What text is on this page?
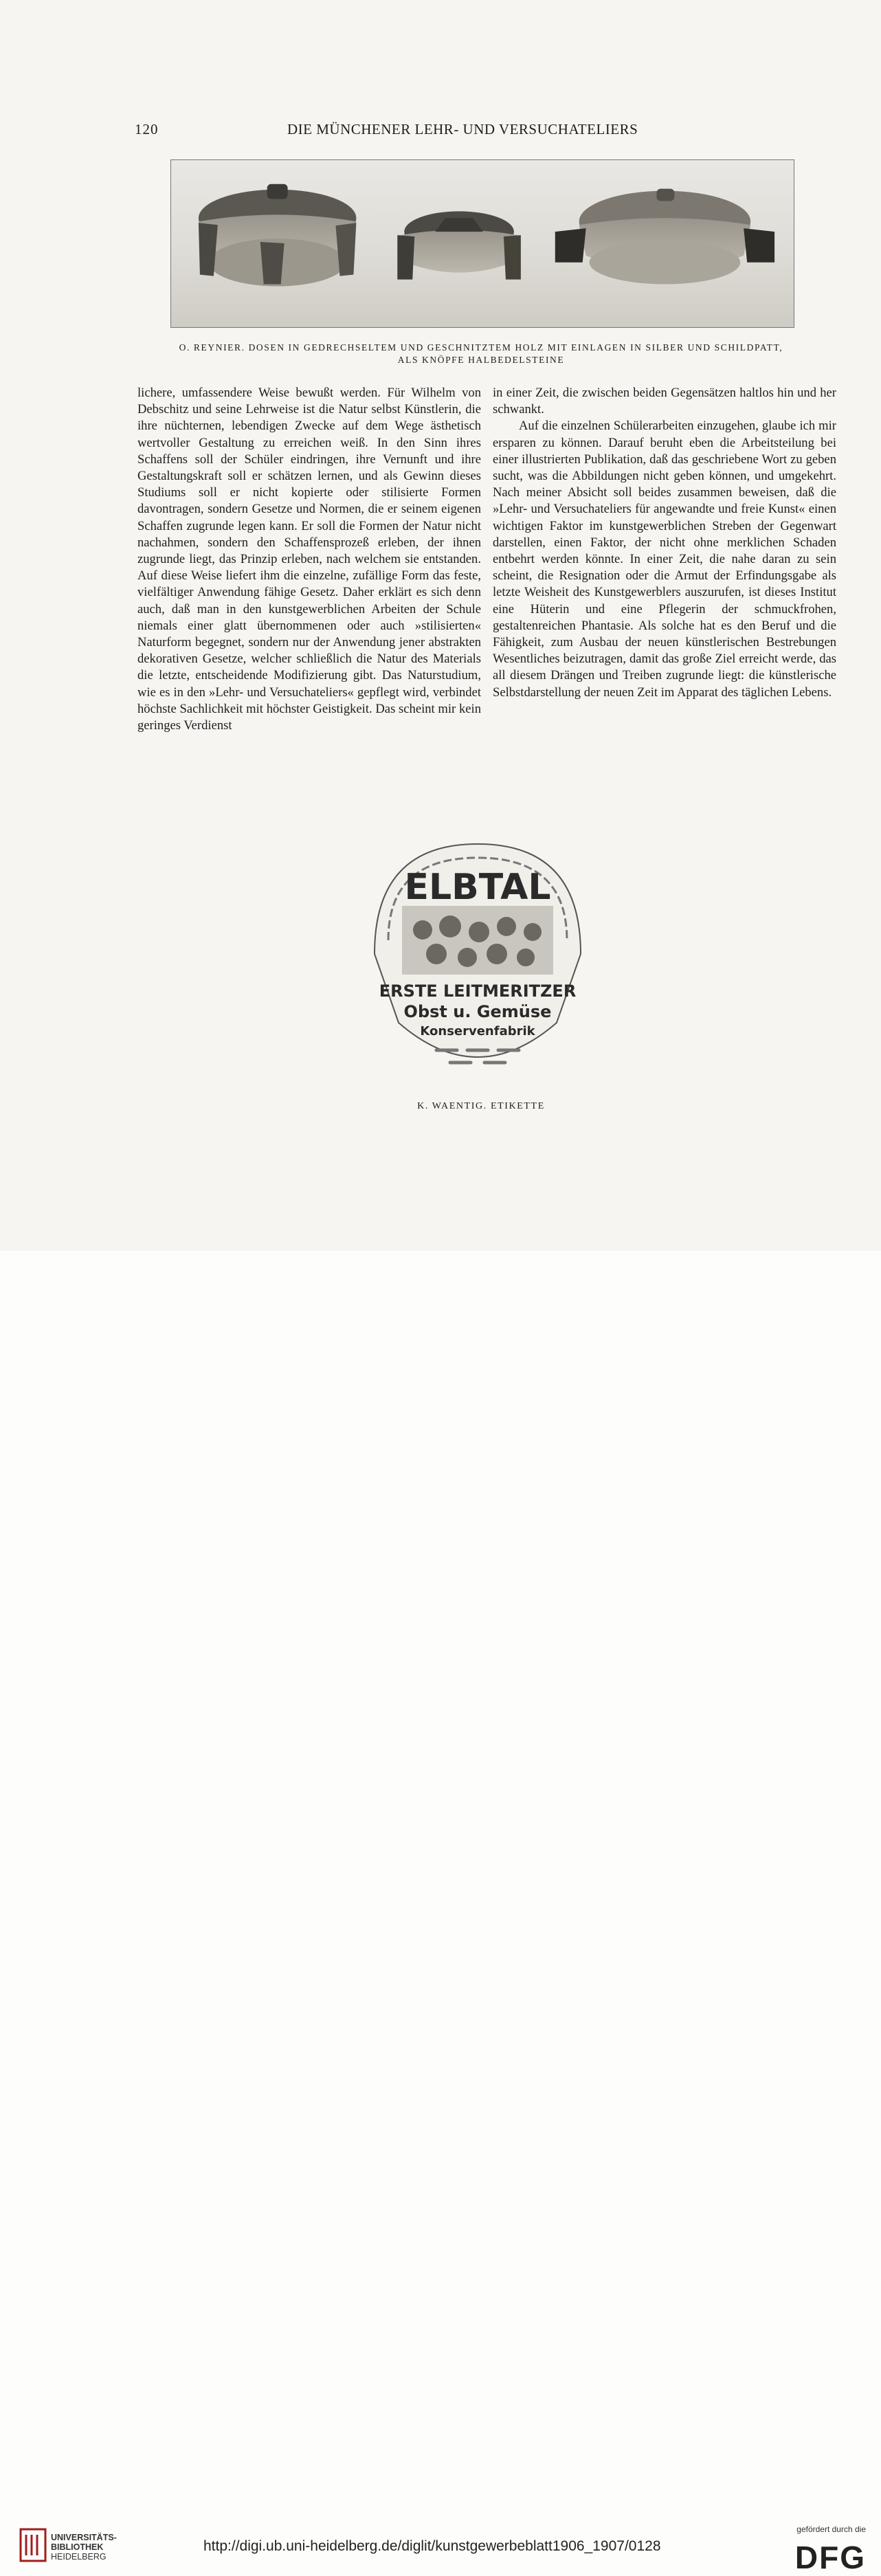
120	DIE MÜNCHENER LEHR- UND VERSUCHATELIERS
O. REYNIER. DOSEN IN GEDRECHSELTEM UND GESCHNITZTEM HOLZ MIT EINLAGEN IN SILBER UND SCHILDPATT,
ALS KNÖPFE HALBEDELSTEINE

lichere, umfassendere Weise bewußt werden. Für Wilhelm von Debschitz und seine Lehrweise ist die Natur selbst Künstlerin, die ihre nüchternen, lebendigen Zwecke auf dem Wege ästhetisch wertvoller Gestaltung zu erreichen weiß. In den Sinn ihres Schaffens soll der Schüler eindringen, ihre Vernunft und ihre Gestaltungskraft soll er schätzen lernen, und als Gewinn dieses Studiums soll er nicht kopierte oder stilisierte Formen davontragen, sondern Gesetze und Normen, die er seinem eigenen Schaffen zugrunde legen kann. Er soll die Formen der Natur nicht nachahmen, sondern den Schaffensprozeß erleben, der ihnen zugrunde liegt, das Prinzip erleben, nach welchem sie entstanden. Auf diese Weise liefert ihm die einzelne, zufällige Form das feste, vielfältiger Anwendung fähige Gesetz. Daher erklärt es sich denn auch, daß man in den kunstgewerblichen Arbeiten der Schule niemals einer glatt übernommenen oder auch »stilisierten« Naturform begegnet, sondern nur der Anwendung jener abstrakten dekorativen Gesetze, welcher schließlich die Natur des Materials die letzte, entscheidende Modifizierung gibt. Das Naturstudium, wie es in den »Lehr- und Versuchateliers« gepflegt wird, verbindet höchste Sachlichkeit mit höchster Geistigkeit. Das scheint mir kein geringes Verdienst

in einer Zeit, die zwischen beiden Gegensätzen haltlos hin und her schwankt.

Auf die einzelnen Schülerarbeiten einzugehen, glaube ich mir ersparen zu können. Darauf beruht eben die Arbeitsteilung bei einer illustrierten Publikation, daß das geschriebene Wort zu geben sucht, was die Abbildungen nicht geben können, und umgekehrt. Nach meiner Absicht soll beides zusammen beweisen, daß die »Lehr- und Versuchateliers für angewandte und freie Kunst« einen wichtigen Faktor im kunstgewerblichen Streben der Gegenwart darstellen, einen Faktor, der nicht ohne merklichen Schaden entbehrt werden könnte. In einer Zeit, die nahe daran zu sein scheint, die Resignation oder die Armut der Erfindungsgabe als letzte Weisheit des Kunstgewerblers auszurufen, ist dieses Institut eine Hüterin und eine Pflegerin der schmuckfrohen, gestaltenreichen Phantasie. Als solche hat es den Beruf und die Fähigkeit, zum Ausbau der neuen künstlerischen Bestrebungen Wesentliches beizutragen, damit das große Ziel erreicht werde, das all diesem Drängen und Treiben zugrunde liegt: die künstlerische Selbstdarstellung der neuen Zeit im Apparat des täglichen Lebens.

ELBTAL
ERSTE LEITMERITZER
Obst u. Gemüse
Konservenfabrik
K. WAENTIG. ETIKETTE
UNIVERSITÄTS-
BIBLIOTHEK
HEIDELBERG
http://digi.ub.uni-heidelberg.de/diglit/kunstgewerbeblatt1906_1907/0128
gefördert durch die
DFG
